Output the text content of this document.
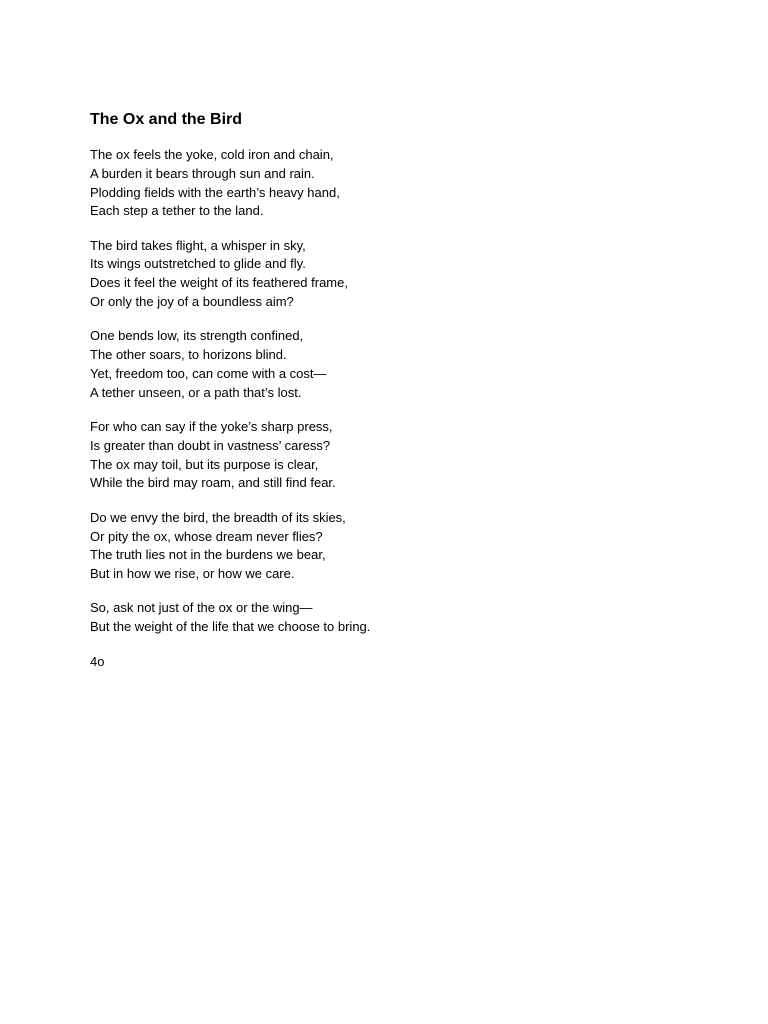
The Ox and the Bird
The ox feels the yoke, cold iron and chain,
A burden it bears through sun and rain.
Plodding fields with the earth’s heavy hand,
Each step a tether to the land.
The bird takes flight, a whisper in sky,
Its wings outstretched to glide and fly.
Does it feel the weight of its feathered frame,
Or only the joy of a boundless aim?
One bends low, its strength confined,
The other soars, to horizons blind.
Yet, freedom too, can come with a cost—
A tether unseen, or a path that’s lost.
For who can say if the yoke’s sharp press,
Is greater than doubt in vastness’ caress?
The ox may toil, but its purpose is clear,
While the bird may roam, and still find fear.
Do we envy the bird, the breadth of its skies,
Or pity the ox, whose dream never flies?
The truth lies not in the burdens we bear,
But in how we rise, or how we care.
So, ask not just of the ox or the wing—
But the weight of the life that we choose to bring.
4o
